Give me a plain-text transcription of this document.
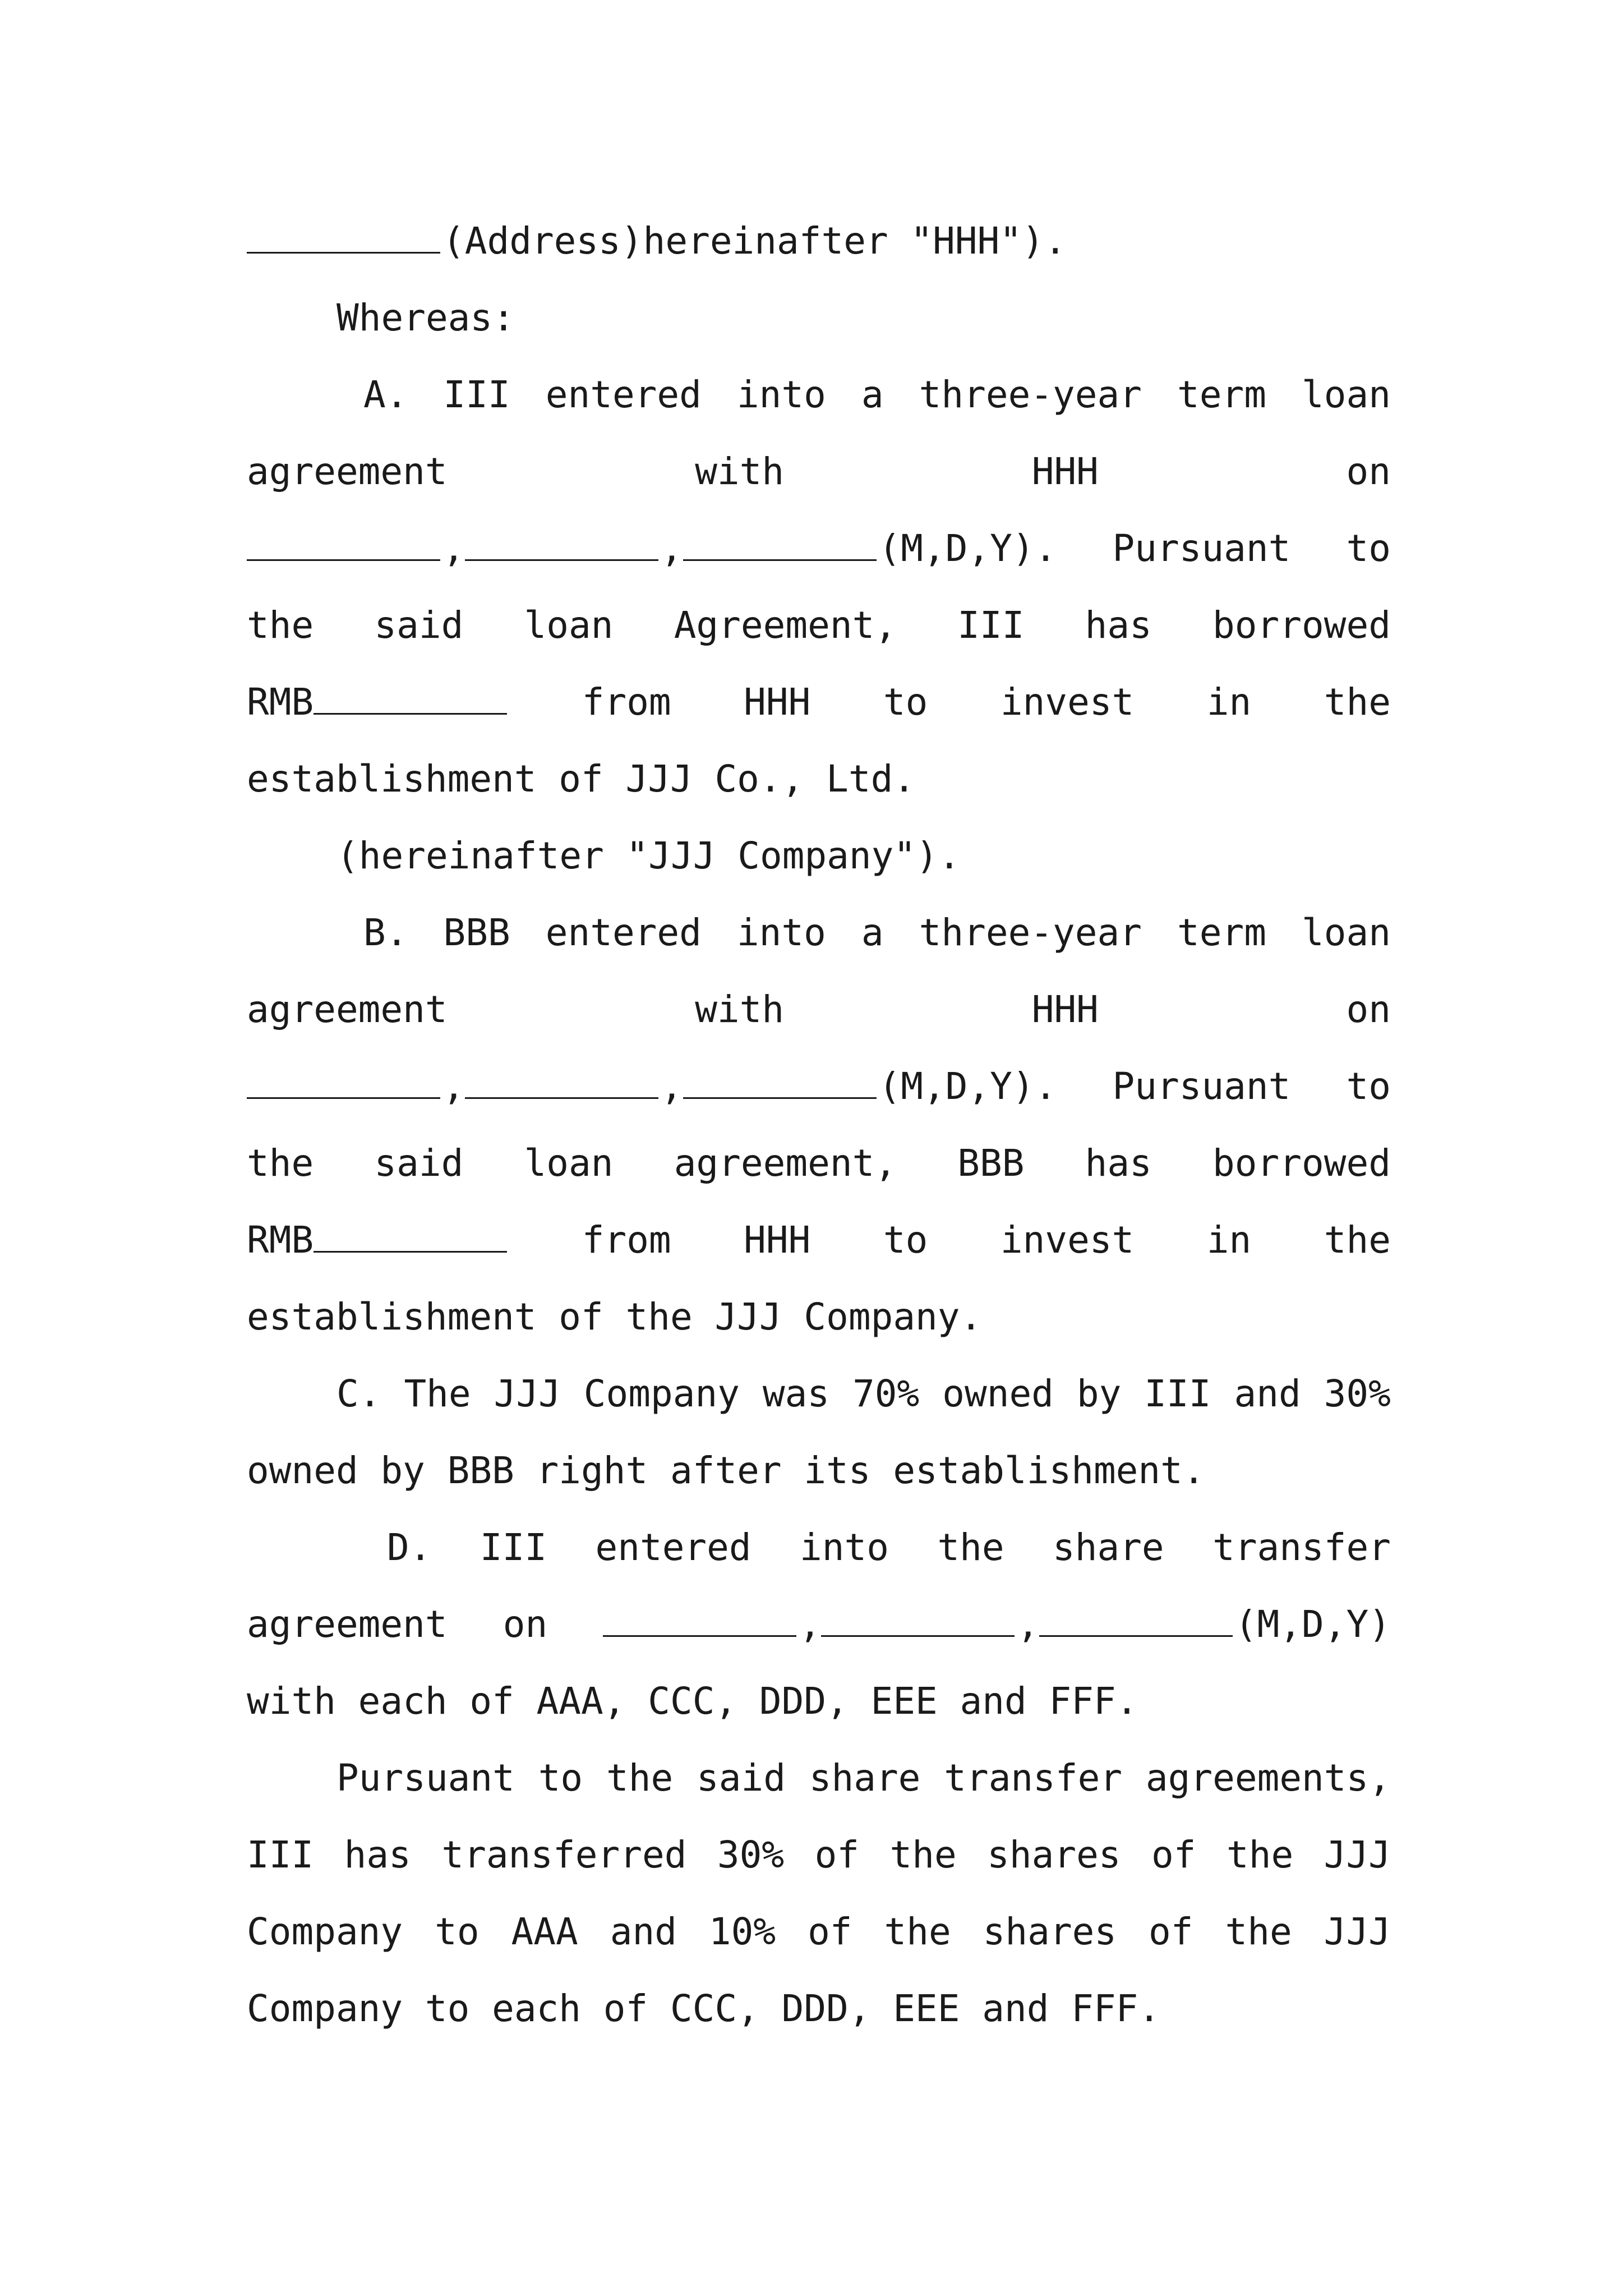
(Address)hereinafter "HHH").
Whereas:
A. III entered into a three-year term loan
agreement	with	HHH	on
,	,	(M,D,Y). Pursuant to
the said loan Agreement, III has borrowed
RMB	from HHH to invest in the
establishment of JJJ Co., Ltd.
(hereinafter "JJJ Company").
B. BBB entered into a three-year term loan
agreement	with	HHH	on
,	,	(M,D,Y). Pursuant to
the said loan agreement, BBB has borrowed
RMB	from HHH to invest in the
establishment of the JJJ Company.
C. The JJJ Company was 70% owned by III and 30%
owned by BBB right after its establishment.
D. III entered into the share transfer
agreement on	,	,	(M,D,Y)
with each of AAA, CCC, DDD, EEE and FFF.
Pursuant to the said share transfer agreements,
III has transferred 30% of the shares of the JJJ
Company to AAA and 10% of the shares of the JJJ
Company to each of CCC, DDD, EEE and FFF.
